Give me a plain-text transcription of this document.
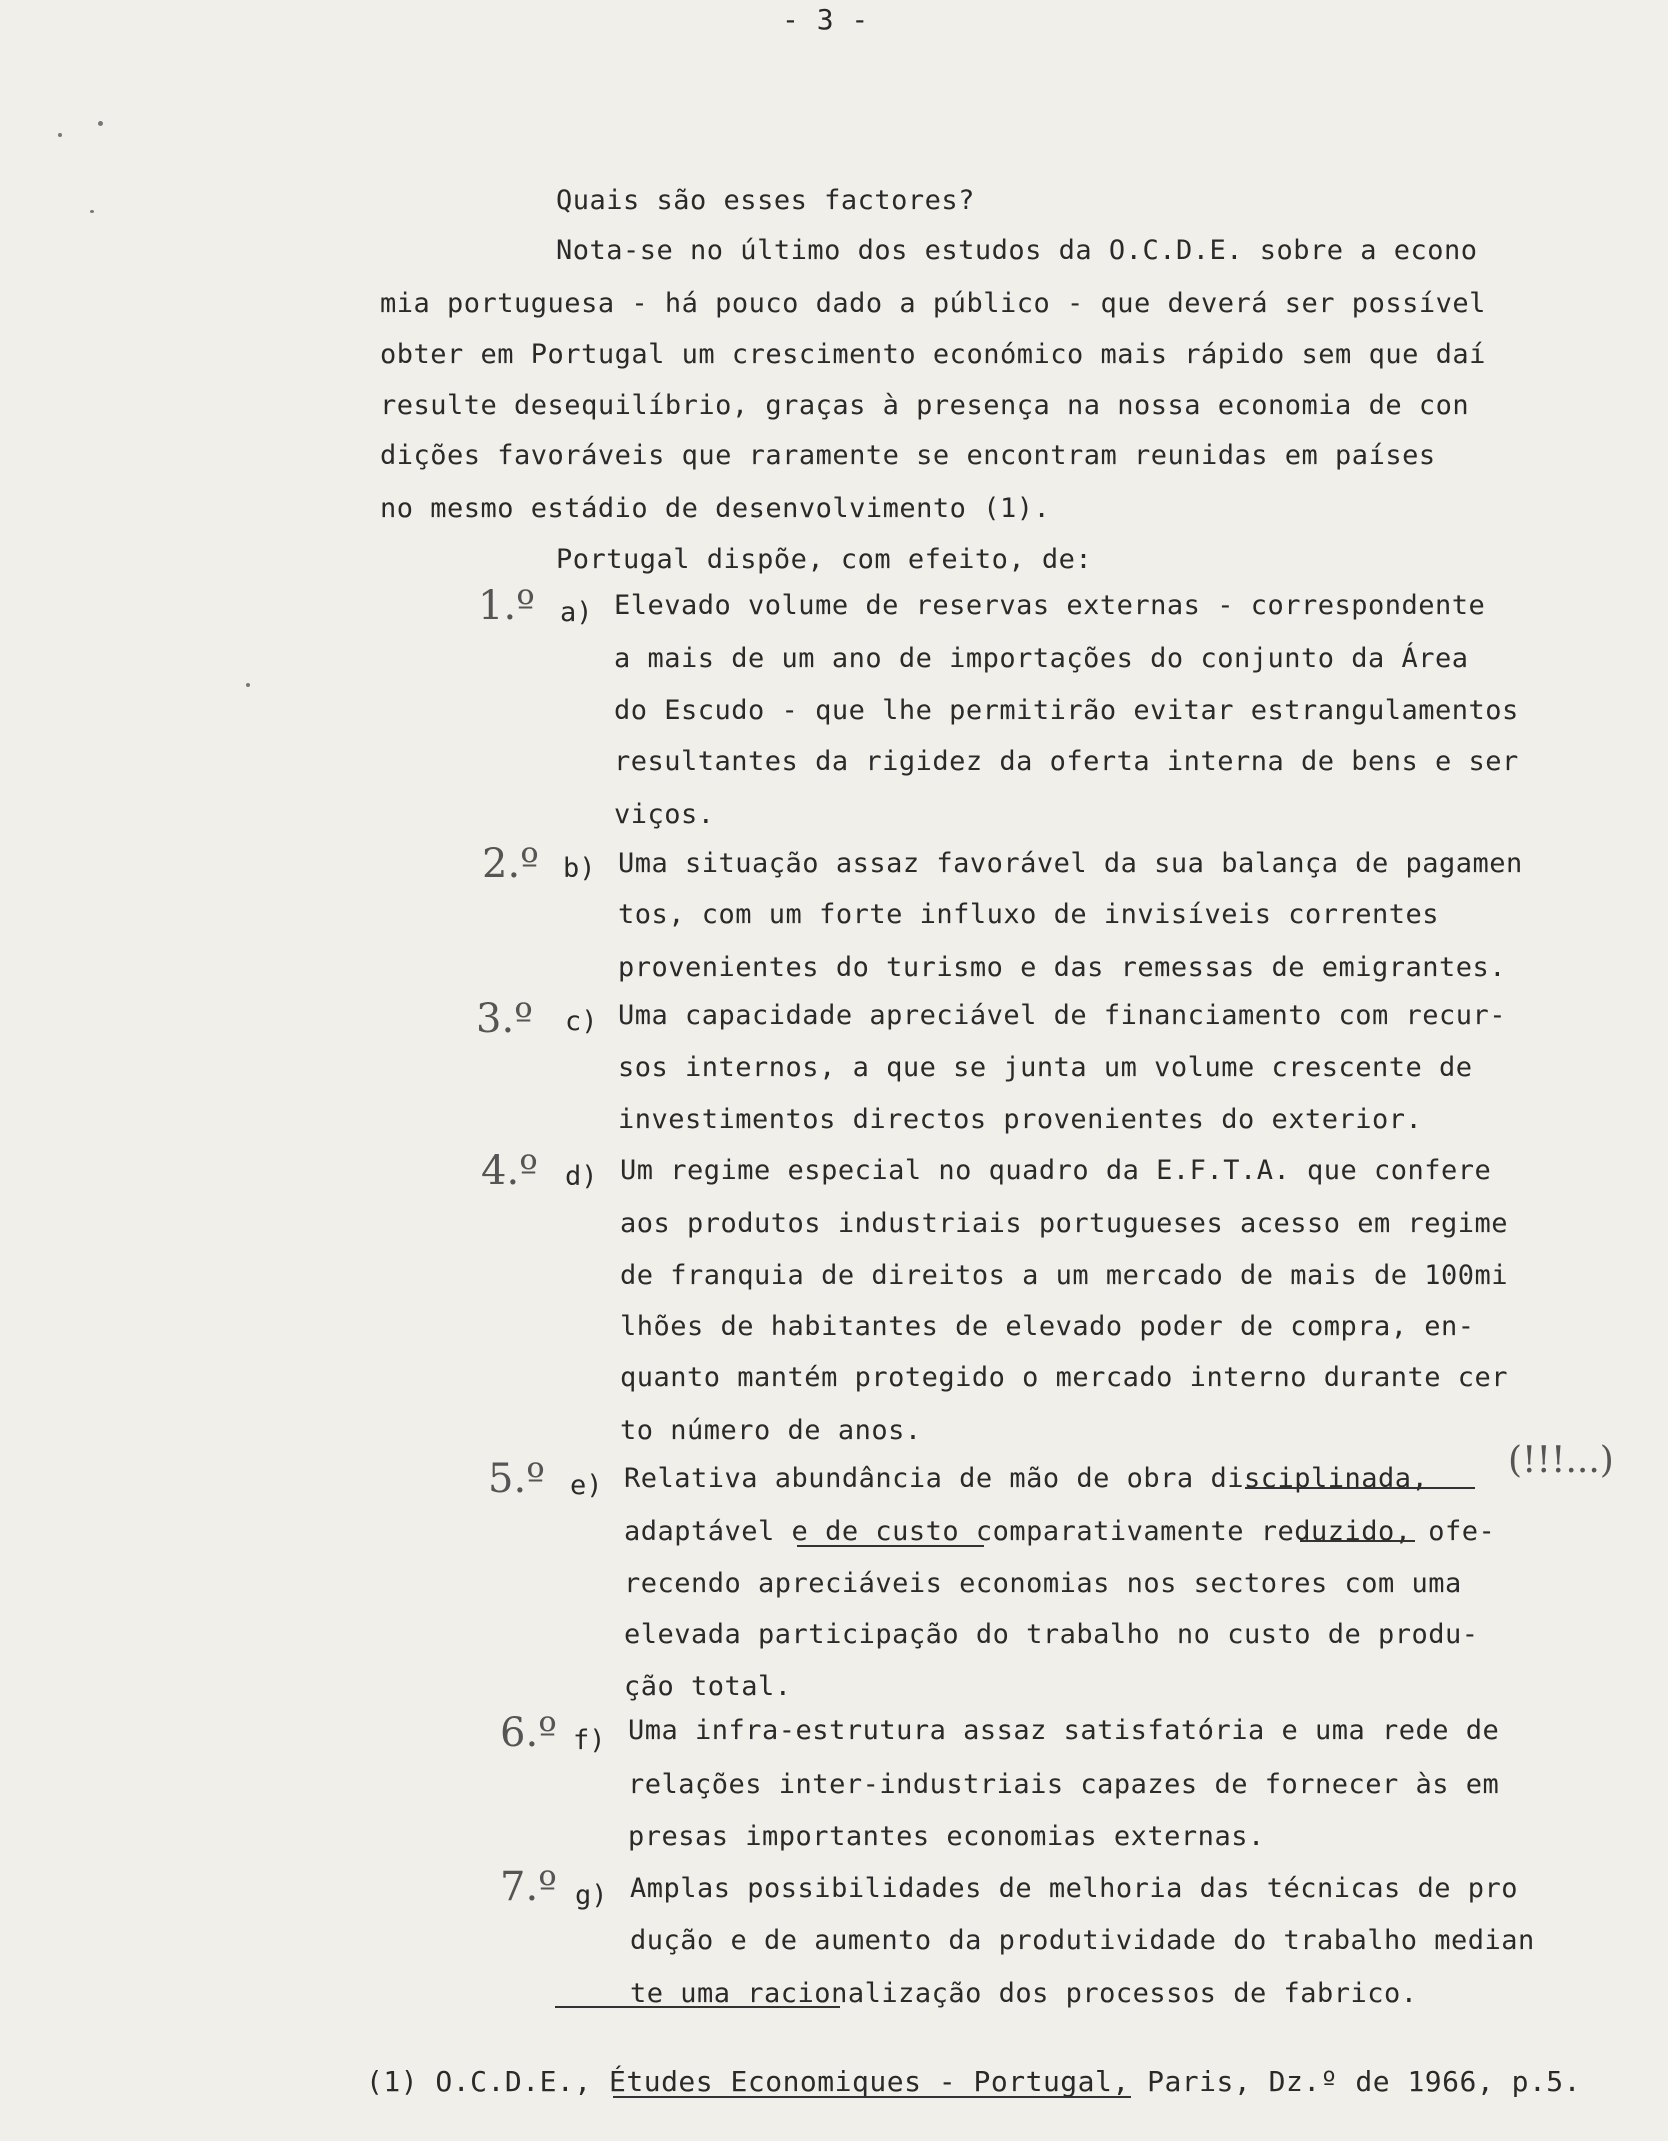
- 3 -
Quais são esses factores?
Nota-se no último dos estudos da O.C.D.E. sobre a econo
mia portuguesa - há pouco dado a público - que deverá ser possível
obter em Portugal um crescimento económico mais rápido sem que daí
resulte desequilíbrio, graças à presença na nossa economia de con
dições favoráveis que raramente se encontram reunidas em países
no mesmo estádio de desenvolvimento (1).
Portugal dispõe, com efeito, de:
1.º a) Elevado volume de reservas externas - correspondente
a mais de um ano de importações do conjunto da Área
do Escudo - que lhe permitirão evitar estrangulamentos
resultantes da rigidez da oferta interna de bens e ser
viços.
2.º b) Uma situação assaz favorável da sua balança de pagamen
tos, com um forte influxo de invisíveis correntes
provenientes do turismo e das remessas de emigrantes.
3.º c) Uma capacidade apreciável de financiamento com recur-
sos internos, a que se junta um volume crescente de
investimentos directos provenientes do exterior.
4.º d) Um regime especial no quadro da E.F.T.A. que confere
aos produtos industriais portugueses acesso em regime
de franquia de direitos a um mercado de mais de 100mi
lhões de habitantes de elevado poder de compra, en-
quanto mantém protegido o mercado interno durante cer
to número de anos.
5.º e) Relativa abundância de mão de obra disciplinada,
adaptável e de custo comparativamente reduzido, ofe-
recendo apreciáveis economias nos sectores com uma
elevada participação do trabalho no custo de produ-
ção total.
(!!!...)
6.º f) Uma infra-estrutura assaz satisfatória e uma rede de
relações inter-industriais capazes de fornecer às em
presas importantes economias externas.
7.º g) Amplas possibilidades de melhoria das técnicas de pro
dução e de aumento da produtividade do trabalho median
te uma racionalização dos processos de fabrico.
(1) O.C.D.E., Études Economiques - Portugal, Paris, Dz.º de 1966, p.5.
